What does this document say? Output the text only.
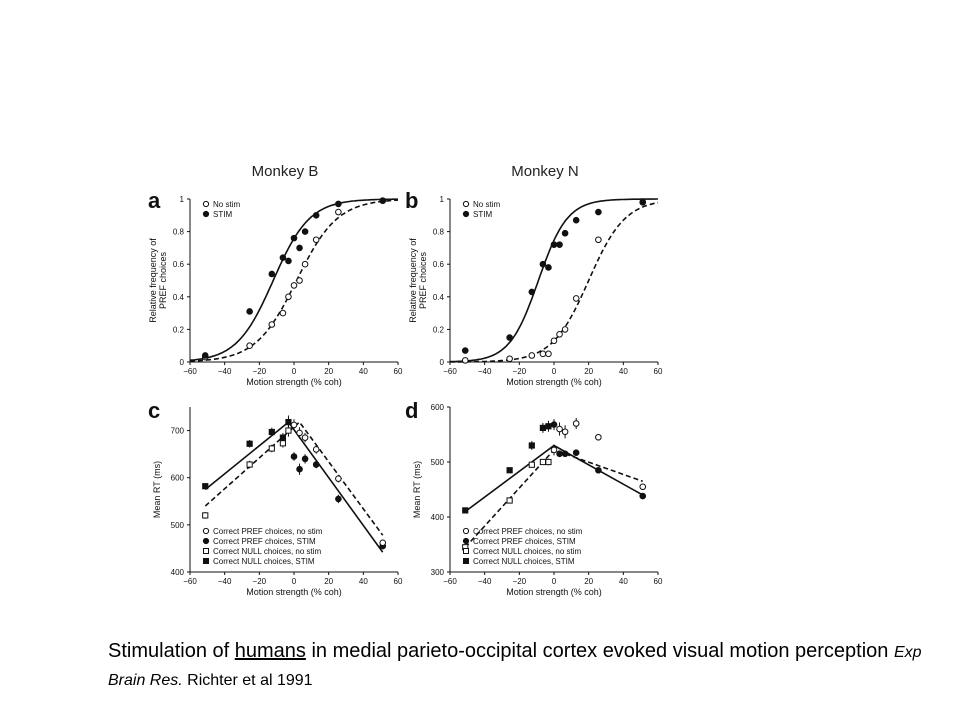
a
Monkey B
−60	−40	−20	0	20	40	60
0
0.2
0.4
0.6
0.8
1
Motion strength (% coh)
Relative frequency of PREF choices
No stim
STIM
b
Monkey N
−60	−40	−20	0	20	40	60
0
0.2
0.4
0.6
0.8
1
Motion strength (% coh)
Relative frequency of PREF choices
No stim
STIM
c
−60	−40	−20	0	20	40	60
400
500
600
700
Motion strength (% coh)
Mean RT (ms)
Correct PREF choices, no stim
Correct PREF choices, STIM
Correct NULL choices, no stim
Correct NULL choices, STIM
d
−60	−40	−20	0	20	40	60
300
400
500
600
Motion strength (% coh)
Mean RT (ms)
Correct PREF choices, no stim
Correct PREF choices, STIM
Correct NULL choices, no stim
Correct NULL choices, STIM
Stimulation of humans in medial parieto-occipital cortex evoked visual motion perception Exp Brain Res. Richter et al 1991
